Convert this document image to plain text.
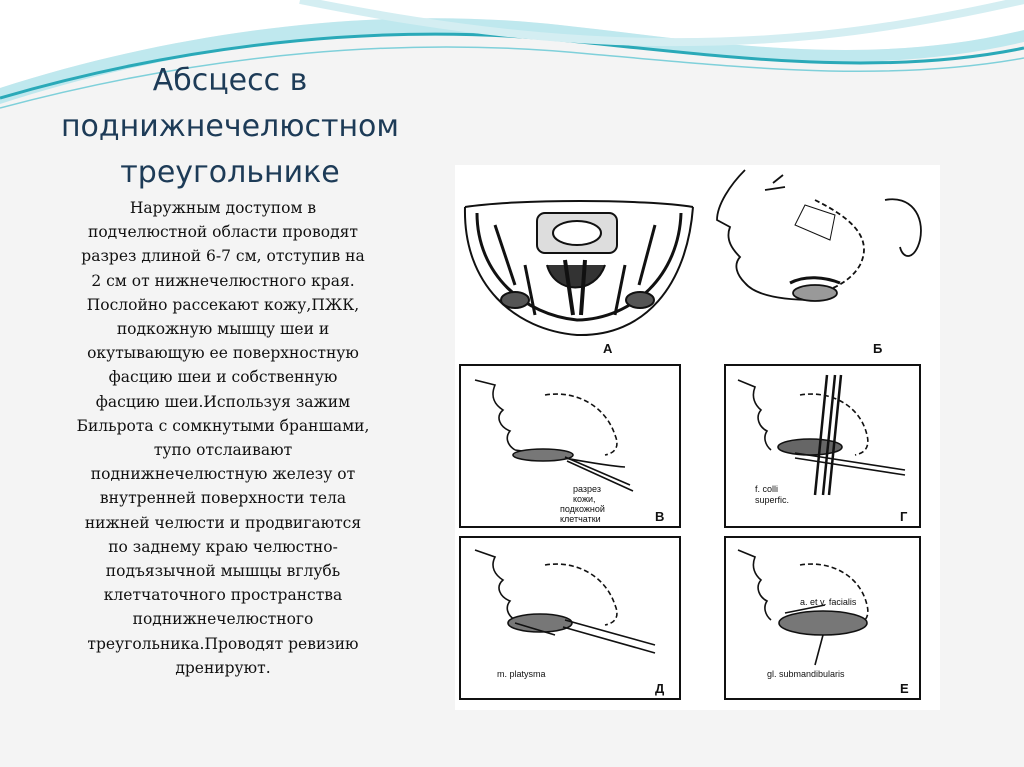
Абсцесс в
поднижнечелюстном
треугольнике
Наружным доступом в
подчелюстной области проводят
разрез длиной 6-7 см, отступив на
2 см от нижнечелюстного края.
Послойно рассекают кожу,ПЖК,
подкожную мышцу шеи и
окутывающую ее поверхностную
фасцию шеи и собственную
фасцию шеи.Используя зажим
Бильрота с сомкнутыми браншами,
тупо отслаивают
поднижнечелюстную железу от
внутренней поверхности тела
нижней челюсти и продвигаются
по заднему краю челюстно-
подъязычной мышцы вглубь
клетчаточного пространства
поднижнечелюстного
треугольника.Проводят ревизию
дренируют.
А	Б
разрез
кожи,
подкожной
клетчатки	В
f. colli
superfic.
Г
m. platysma
Д
a. et v. facialis
gl. submandibularis
Е
